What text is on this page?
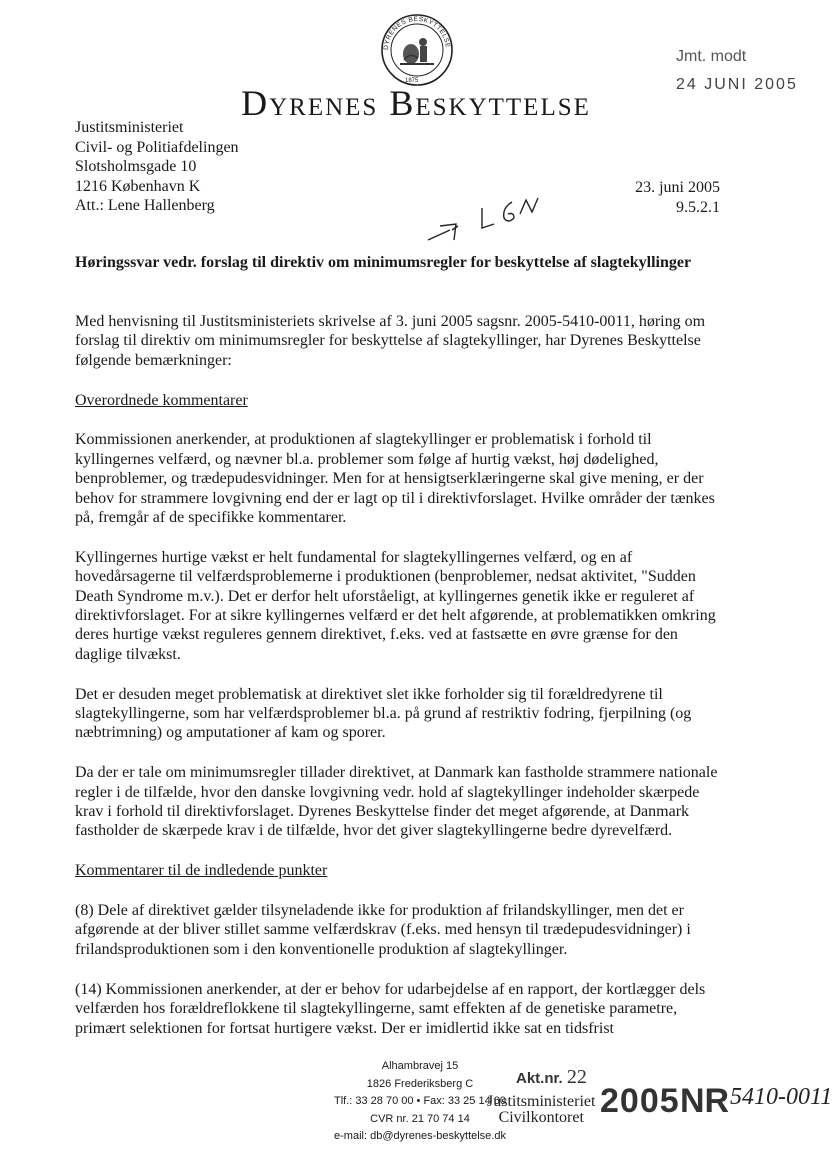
DYRENES BESKYTTELSE
1875
Dyrenes Beskyttelse
Jmt. modt
24 JUNI 2005
Justitsministeriet
Civil- og Politiafdelingen
Slotsholmsgade 10
1216 København K
Att.: Lene Hallenberg
23. juni 2005
9.5.2.1
Høringssvar vedr. forslag til direktiv om minimumsregler for beskyttelse af slagtekyllinger

Med henvisning til Justitsministeriets skrivelse af 3. juni 2005 sagsnr. 2005-5410-0011, høring om forslag til direktiv om minimumsregler for beskyttelse af slagtekyllinger, har Dyrenes Beskyttelse følgende bemærkninger:

Overordnede kommentarer

Kommissionen anerkender, at produktionen af slagtekyllinger er problematisk i forhold til kyllingernes velfærd, og nævner bl.a. problemer som følge af hurtig vækst, høj dødelighed, benproblemer, og trædepudesvidninger. Men for at hensigtserklæringerne skal give mening, er der behov for strammere lovgivning end der er lagt op til i direktivforslaget. Hvilke områder der tænkes på, fremgår af de specifikke kommentarer.

Kyllingernes hurtige vækst er helt fundamental for slagtekyllingernes velfærd, og en af hovedårsagerne til velfærdsproblemerne i produktionen (benproblemer, nedsat aktivitet, "Sudden Death Syndrome m.v.). Det er derfor helt uforståeligt, at kyllingernes genetik ikke er reguleret af direktivforslaget. For at sikre kyllingernes velfærd er det helt afgørende, at problematikken omkring deres hurtige vækst reguleres gennem direktivet, f.eks. ved at fastsætte en øvre grænse for den daglige tilvækst.

Det er desuden meget problematisk at direktivet slet ikke forholder sig til forældredyrene til slagtekyllingerne, som har velfærdsproblemer bl.a. på grund af restriktiv fodring, fjerpilning (og næbtrimning) og amputationer af kam og sporer.

Da der er tale om minimumsregler tillader direktivet, at Danmark kan fastholde strammere nationale regler i de tilfælde, hvor den danske lovgivning vedr. hold af slagtekyllinger indeholder skærpede krav i forhold til direktivforslaget. Dyrenes Beskyttelse finder det meget afgørende, at Danmark fastholder de skærpede krav i de tilfælde, hvor det giver slagtekyllingerne bedre dyrevelfærd.

Kommentarer til de indledende punkter

(8) Dele af direktivet gælder tilsyneladende ikke for produktion af frilandskyllinger, men det er afgørende at der bliver stillet samme velfærdskrav (f.eks. med hensyn til trædepudesvidninger) i frilandsproduktionen som i den konventionelle produktion af slagtekyllinger.

(14) Kommissionen anerkender, at der er behov for udarbejdelse af en rapport, der kortlægger dels velfærden hos forældreflokkene til slagtekyllingerne, samt effekten af de genetiske parametre, primært selektionen for fortsat hurtigere vækst. Der er imidlertid ikke sat en tidsfrist

Alhambravej 15
1826 Frederiksberg C
Tlf.: 33 28 70 00 • Fax: 33 25 14 60
CVR nr. 21 70 74 14
e-mail: db@dyrenes-beskyttelse.dk
Akt.nr. 22
Justitsministeriet
Civilkontoret 2005 NR 5410-0011
